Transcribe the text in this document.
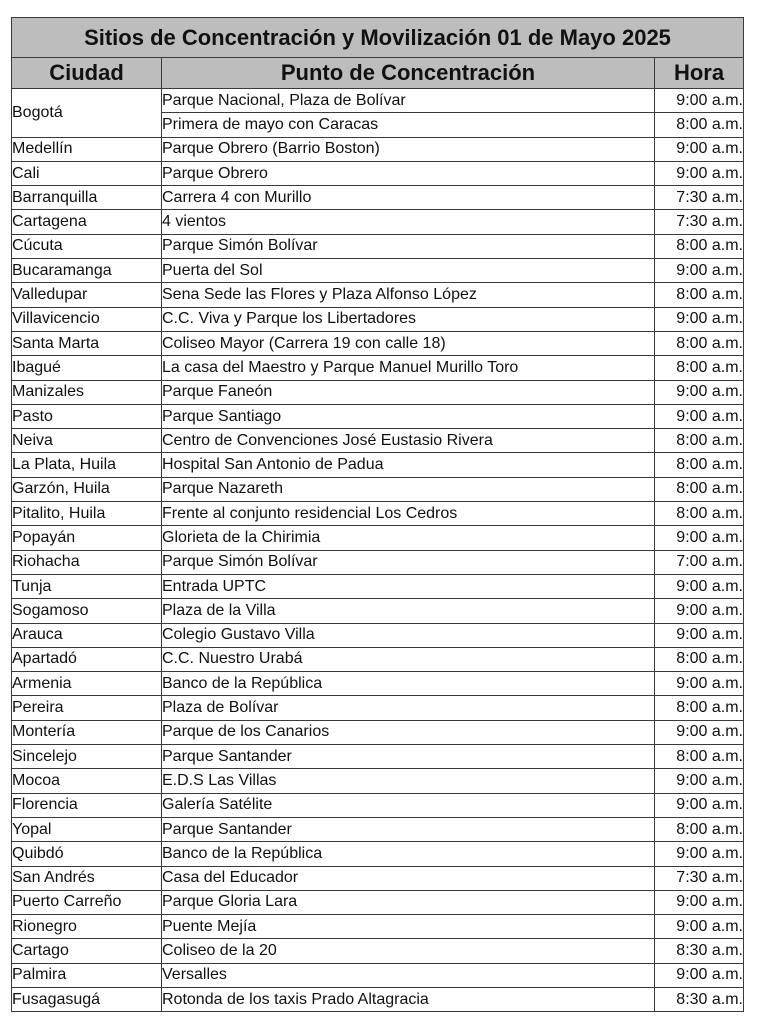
Sitios de Concentración y Movilización 01 de Mayo 2025		
Ciudad	Punto de Concentración	Hora
Bogotá	Parque Nacional, Plaza de Bolívar	9:00 a.m.
	Primera de mayo con Caracas	8:00 a.m.
Medellín	Parque Obrero (Barrio Boston)	9:00 a.m.
Cali	Parque Obrero	9:00 a.m.
Barranquilla	Carrera 4 con Murillo	7:30 a.m.
Cartagena	4 vientos	7:30 a.m.
Cúcuta	Parque Simón Bolívar	8:00 a.m.
Bucaramanga	Puerta del Sol	9:00 a.m.
Valledupar	Sena Sede las Flores y Plaza Alfonso López	8:00 a.m.
Villavicencio	C.C. Viva y Parque los Libertadores	9:00 a.m.
Santa Marta	Coliseo Mayor (Carrera 19 con calle 18)	8:00 a.m.
Ibagué	La casa del Maestro y Parque Manuel Murillo Toro	8:00 a.m.
Manizales	Parque Faneón	9:00 a.m.
Pasto	Parque Santiago	9:00 a.m.
Neiva	Centro de Convenciones José Eustasio Rivera	8:00 a.m.
La Plata, Huila	Hospital San Antonio de Padua	8:00 a.m.
Garzón, Huila	Parque Nazareth	8:00 a.m.
Pitalito, Huila	Frente al conjunto residencial Los Cedros	8:00 a.m.
Popayán	Glorieta de la Chirimia	9:00 a.m.
Riohacha	Parque Simón Bolívar	7:00 a.m.
Tunja	Entrada UPTC	9:00 a.m.
Sogamoso	Plaza de la Villa	9:00 a.m.
Arauca	Colegio Gustavo Villa	9:00 a.m.
Apartadó	C.C. Nuestro Urabá	8:00 a.m.
Armenia	Banco de la República	9:00 a.m.
Pereira	Plaza de Bolívar	8:00 a.m.
Montería	Parque de los Canarios	9:00 a.m.
Sincelejo	Parque Santander	8:00 a.m.
Mocoa	E.D.S Las Villas	9:00 a.m.
Florencia	Galería Satélite	9:00 a.m.
Yopal	Parque Santander	8:00 a.m.
Quibdó	Banco de la República	9:00 a.m.
San Andrés	Casa del Educador	7:30 a.m.
Puerto Carreño	Parque Gloria Lara	9:00 a.m.
Rionegro	Puente Mejía	9:00 a.m.
Cartago	Coliseo de la 20	8:30 a.m.
Palmira	Versalles	9:00 a.m.
Fusagasugá	Rotonda de los taxis Prado Altagracia	8:30 a.m.
